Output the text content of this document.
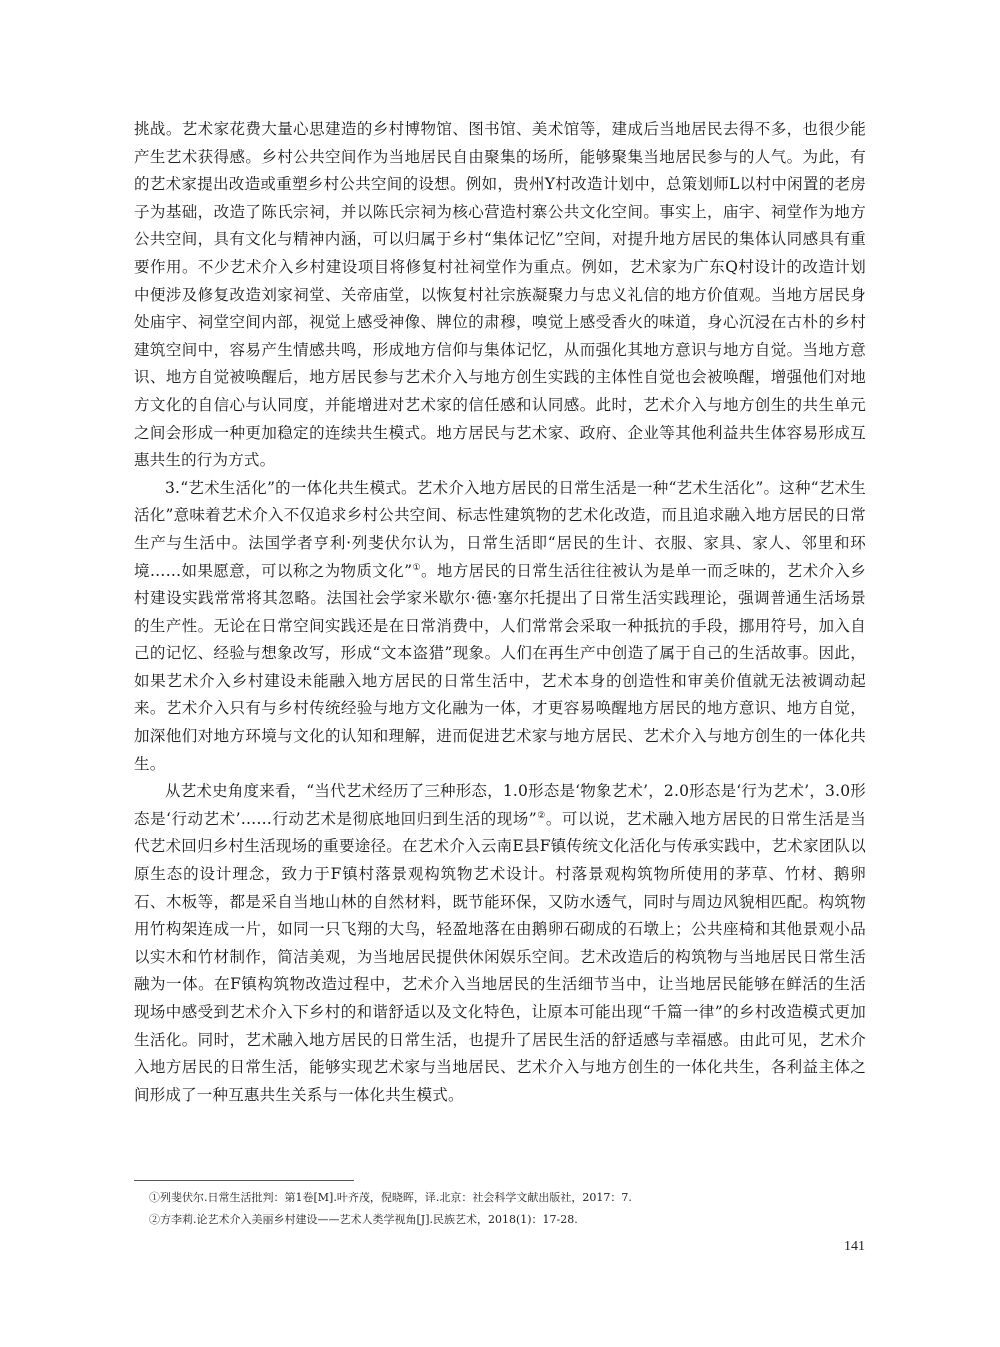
挑战。艺术家花费大量心思建造的乡村博物馆、图书馆、美术馆等，建成后当地居民去得不多，也很少能产生艺术获得感。乡村公共空间作为当地居民自由聚集的场所，能够聚集当地居民参与的人气。为此，有的艺术家提出改造或重塑乡村公共空间的设想。例如，贵州Y村改造计划中，总策划师L以村中闲置的老房子为基础，改造了陈氏宗祠，并以陈氏宗祠为核心营造村寨公共文化空间。事实上，庙宇、祠堂作为地方公共空间，具有文化与精神内涵，可以归属于乡村“集体记忆”空间，对提升地方居民的集体认同感具有重要作用。不少艺术介入乡村建设项目将修复村社祠堂作为重点。例如，艺术家为广东Q村设计的改造计划中便涉及修复改造刘家祠堂、关帝庙堂，以恢复村社宗族凝聚力与忠义礼信的地方价值观。当地方居民身处庙宇、祠堂空间内部，视觉上感受神像、牌位的肃穆，嗅觉上感受香火的味道，身心沉浸在古朴的乡村建筑空间中，容易产生情感共鸣，形成地方信仰与集体记忆，从而强化其地方意识与地方自觉。当地方意识、地方自觉被唤醒后，地方居民参与艺术介入与地方创生实践的主体性自觉也会被唤醒，增强他们对地方文化的自信心与认同度，并能增进对艺术家的信任感和认同感。此时，艺术介入与地方创生的共生单元之间会形成一种更加稳定的连续共生模式。地方居民与艺术家、政府、企业等其他利益共生体容易形成互惠共生的行为方式。

3.“艺术生活化”的一体化共生模式。艺术介入地方居民的日常生活是一种“艺术生活化”。这种“艺术生活化”意味着艺术介入不仅追求乡村公共空间、标志性建筑物的艺术化改造，而且追求融入地方居民的日常生产与生活中。法国学者亨利·列斐伏尔认为，日常生活即“居民的生计、衣服、家具、家人、邻里和环境……如果愿意，可以称之为物质文化”①。地方居民的日常生活往往被认为是单一而乏味的，艺术介入乡村建设实践常常将其忽略。法国社会学家米歇尔·德·塞尔托提出了日常生活实践理论，强调普通生活场景的生产性。无论在日常空间实践还是在日常消费中，人们常常会采取一种抵抗的手段，挪用符号，加入自己的记忆、经验与想象改写，形成“文本盗猎”现象。人们在再生产中创造了属于自己的生活故事。因此，如果艺术介入乡村建设未能融入地方居民的日常生活中，艺术本身的创造性和审美价值就无法被调动起来。艺术介入只有与乡村传统经验与地方文化融为一体，才更容易唤醒地方居民的地方意识、地方自觉，加深他们对地方环境与文化的认知和理解，进而促进艺术家与地方居民、艺术介入与地方创生的一体化共生。

从艺术史角度来看，“当代艺术经历了三种形态，1.0形态是‘物象艺术’，2.0形态是‘行为艺术’，3.0形态是‘行动艺术’……行动艺术是彻底地回归到生活的现场”②。可以说，艺术融入地方居民的日常生活是当代艺术回归乡村生活现场的重要途径。在艺术介入云南E县F镇传统文化活化与传承实践中，艺术家团队以原生态的设计理念，致力于F镇村落景观构筑物艺术设计。村落景观构筑物所使用的茅草、竹材、鹅卵石、木板等，都是采自当地山林的自然材料，既节能环保，又防水透气，同时与周边风貌相匹配。构筑物用竹构架连成一片，如同一只飞翔的大鸟，轻盈地落在由鹅卵石砌成的石墩上；公共座椅和其他景观小品以实木和竹材制作，简洁美观，为当地居民提供休闲娱乐空间。艺术改造后的构筑物与当地居民日常生活融为一体。在F镇构筑物改造过程中，艺术介入当地居民的生活细节当中，让当地居民能够在鲜活的生活现场中感受到艺术介入下乡村的和谐舒适以及文化特色，让原本可能出现“千篇一律”的乡村改造模式更加生活化。同时，艺术融入地方居民的日常生活，也提升了居民生活的舒适感与幸福感。由此可见，艺术介入地方居民的日常生活，能够实现艺术家与当地居民、艺术介入与地方创生的一体化共生，各利益主体之间形成了一种互惠共生关系与一体化共生模式。

①列斐伏尔.日常生活批判：第1卷[M].叶齐茂，倪晓晖，译.北京：社会科学文献出版社，2017：7.

②方李莉.论艺术介入美丽乡村建设——艺术人类学视角[J].民族艺术，2018(1)：17-28.

141
